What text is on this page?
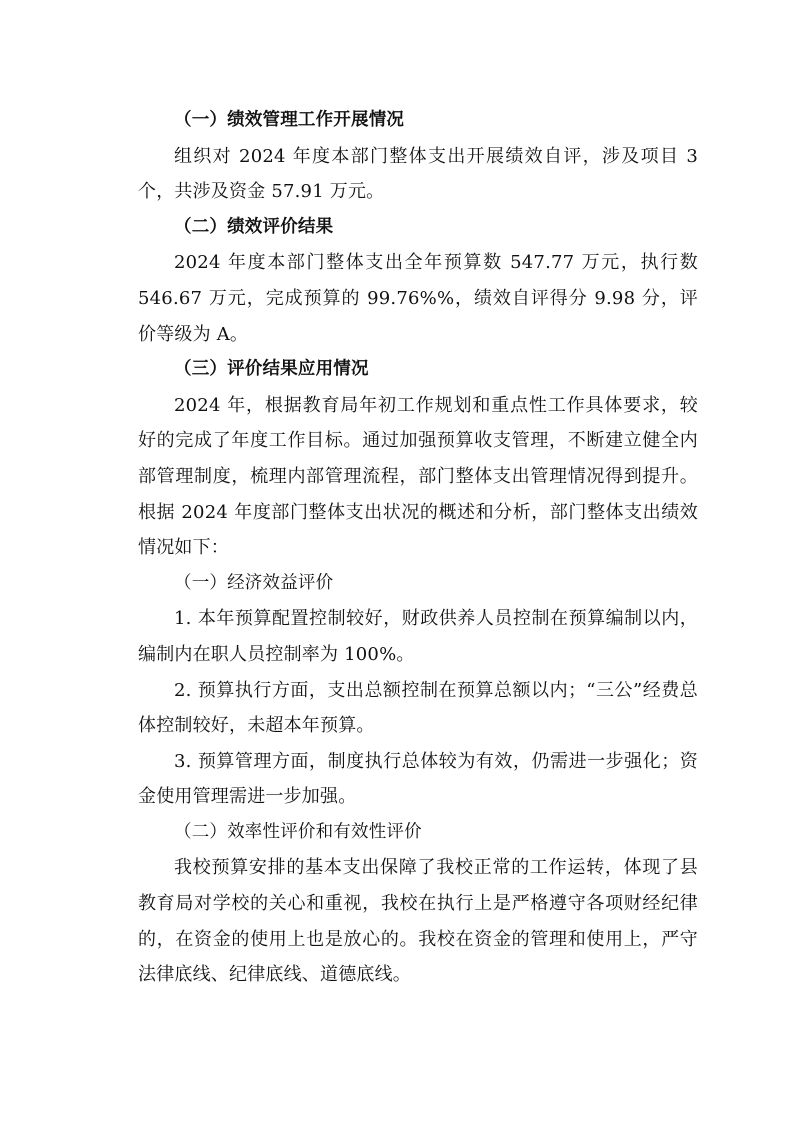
（一）绩效管理工作开展情况

组织对 2024 年度本部门整体支出开展绩效自评，涉及项目 3 个，共涉及资金 57.91 万元。

（二）绩效评价结果

2024 年度本部门整体支出全年预算数 547.77 万元，执行数 546.67 万元，完成预算的 99.76%%，绩效自评得分 9.98 分，评价等级为 A。

（三）评价结果应用情况

2024 年，根据教育局年初工作规划和重点性工作具体要求，较好的完成了年度工作目标。通过加强预算收支管理，不断建立健全内部管理制度，梳理内部管理流程，部门整体支出管理情况得到提升。根据 2024 年度部门整体支出状况的概述和分析，部门整体支出绩效情况如下：

（一）经济效益评价

1. 本年预算配置控制较好，财政供养人员控制在预算编制以内，编制内在职人员控制率为 100%。

2. 预算执行方面，支出总额控制在预算总额以内；“三公”经费总体控制较好，未超本年预算。

3. 预算管理方面，制度执行总体较为有效，仍需进一步强化；资金使用管理需进一步加强。

（二）效率性评价和有效性评价

我校预算安排的基本支出保障了我校正常的工作运转，体现了县教育局对学校的关心和重视，我校在执行上是严格遵守各项财经纪律的，在资金的使用上也是放心的。我校在资金的管理和使用上，严守法律底线、纪律底线、道德底线。
